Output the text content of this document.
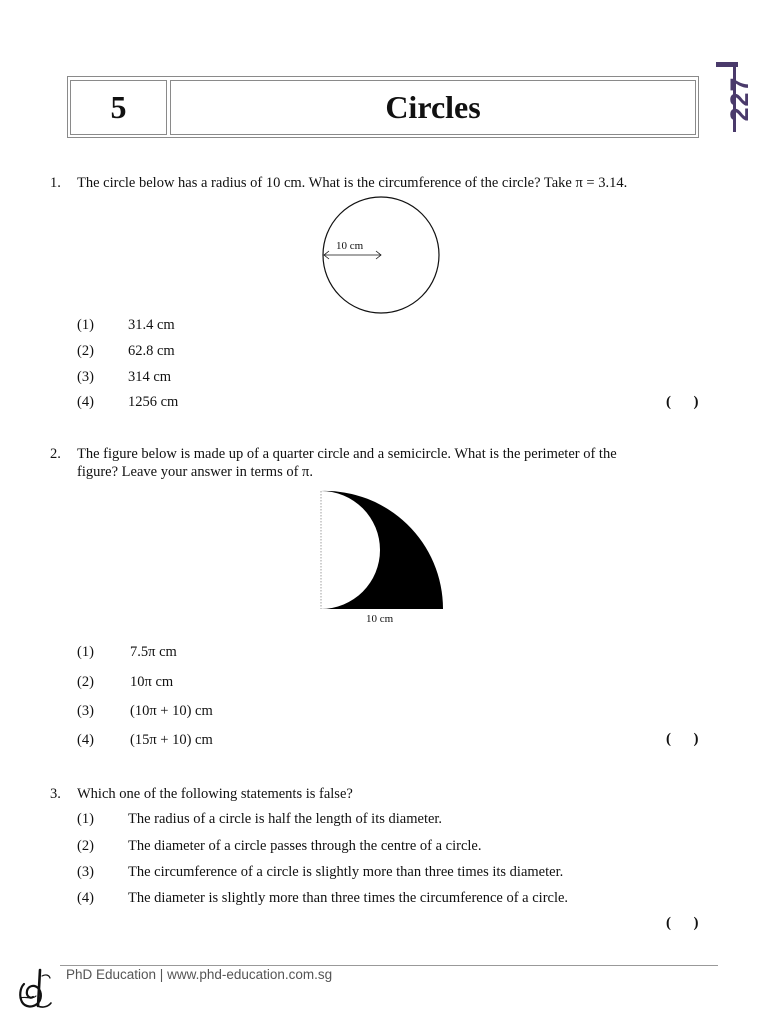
5	Circles	227
1. The circle below has a radius of 10 cm. What is the circumference of the circle? Take π = 3.14.
10 cm
(1) 31.4 cm
(2) 62.8 cm
(3) 314 cm
(4) 1256 cm	(      )
2. The figure below is made up of a quarter circle and a semicircle. What is the perimeter of the
figure? Leave your answer in terms of π.
10 cm
(1) 7.5π cm
(2) 10π cm
(3) (10π + 10) cm
(4) (15π + 10) cm	(      )
3. Which one of the following statements is false?
(1) The radius of a circle is half the length of its diameter.
(2) The diameter of a circle passes through the centre of a circle.
(3) The circumference of a circle is slightly more than three times its diameter.
(4) The diameter is slightly more than three times the circumference of a circle.
(      )
PhD Education | www.phd-education.com.sg
